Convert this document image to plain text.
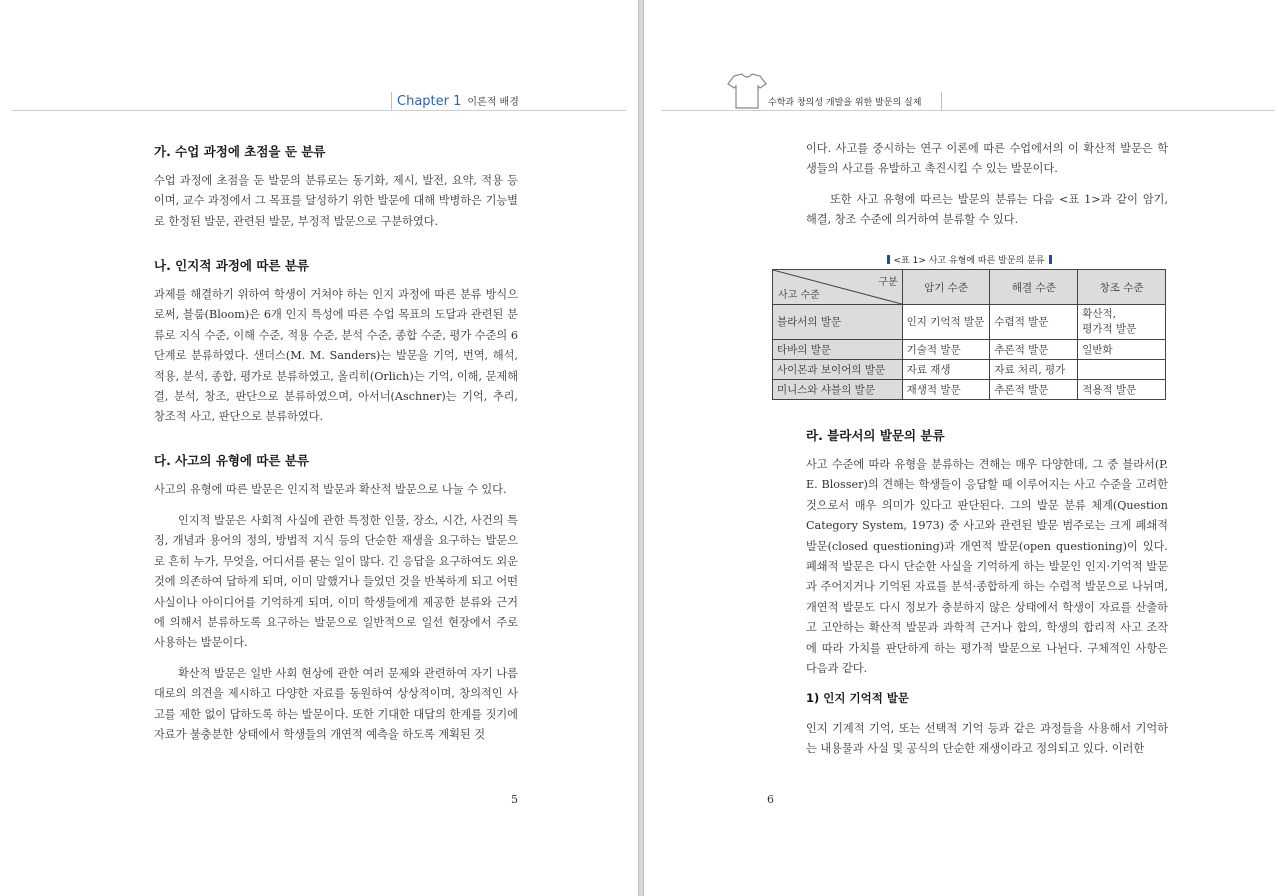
Chapter 1 이론적 배경
가. 수업 과정에 초점을 둔 분류

수업 과정에 초점을 둔 발문의 분류로는 동기화, 제시, 발전, 요약, 적용 등이며, 교수 과정에서 그 목표를 달성하기 위한 발문에 대해 박병하은 기능별로 한정된 발문, 관련된 발문, 부정적 발문으로 구분하였다.

나. 인지적 과정에 따른 분류

과제를 해결하기 위하여 학생이 거쳐야 하는 인지 과정에 따른 분류 방식으로써, 블룸(Bloom)은 6개 인지 특성에 따른 수업 목표의 도달과 관련된 분류로 지식 수준, 이해 수준, 적용 수준, 분석 수준, 종합 수준, 평가 수준의 6단계로 분류하였다. 샌더스(M. M. Sanders)는 발문을 기억, 번역, 해석, 적용, 분석, 종합, 평가로 분류하였고, 올리히(Orlich)는 기억, 이해, 문제해결, 분석, 창조, 판단으로 분류하였으며, 아서너(Aschner)는 기억, 추리, 창조적 사고, 판단으로 분류하였다.

다. 사고의 유형에 따른 분류

사고의 유형에 따른 발문은 인지적 발문과 확산적 발문으로 나눌 수 있다.

인지적 발문은 사회적 사실에 관한 특정한 인물, 장소, 시간, 사건의 특징, 개념과 용어의 정의, 방법적 지식 등의 단순한 재생을 요구하는 발문으로 흔히 누가, 무엇을, 어디서를 묻는 일이 많다. 긴 응답을 요구하여도 외운 것에 의존하여 답하게 되며, 이미 말했거나 들었던 것을 반복하게 되고 어떤 사실이나 아이디어를 기억하게 되며, 이미 학생들에게 제공한 분류와 근거에 의해서 분류하도록 요구하는 발문으로 일반적으로 일선 현장에서 주로 사용하는 발문이다.

확산적 발문은 일반 사회 현상에 관한 여러 문제와 관련하여 자기 나름대로의 의견을 제시하고 다양한 자료를 동원하여 상상적이며, 창의적인 사고를 제한 없이 답하도록 하는 발문이다. 또한 기대한 대답의 한계를 짓기에 자료가 불충분한 상태에서 학생들의 개연적 예측을 하도록 계획된 것

5
수학과 창의성 개발을 위한 발문의 실제

이다. 사고를 중시하는 연구 이론에 따른 수업에서의 이 확산적 발문은 학생들의 사고를 유발하고 촉진시킬 수 있는 발문이다.

또한 사고 유형에 따르는 발문의 분류는 다음 <표 1>과 같이 암기, 해결, 창조 수준에 의거하여 분류할 수 있다.

<표 1> 사고 유형에 따른 발문의 분류
구분
사고 수준	암기 수준	해결 수준	창조 수준
블라서의 발문	인지 기억적 발문	수렴적 발문	확산적,
평가적 발문
타바의 발문	기술적 발문	추론적 발문	일반화
사이몬과 보이어의 발문	자료 재생	자료 처리, 평가	
미니스와 샤블의 발문	재생적 발문	추론적 발문	적용적 발문
라. 블라서의 발문의 분류

사고 수준에 따라 유형을 분류하는 견해는 매우 다양한데, 그 중 블라서(P. E. Blosser)의 견해는 학생들이 응답할 때 이루어지는 사고 수준을 고려한 것으로서 매우 의미가 있다고 판단된다. 그의 발문 분류 체계(Question Category System, 1973) 중 사고와 관련된 발문 범주로는 크게 폐쇄적 발문(closed questioning)과 개연적 발문(open questioning)이 있다. 폐쇄적 발문은 다시 단순한 사실을 기억하게 하는 발문인 인지·기억적 발문과 주어지거나 기억된 자료를 분석·종합하게 하는 수렴적 발문으로 나뉘며, 개연적 발문도 다시 정보가 충분하지 않은 상태에서 학생이 자료를 산출하고 고안하는 확산적 발문과 과학적 근거나 합의, 학생의 합리적 사고 조작에 따라 가치를 판단하게 하는 평가적 발문으로 나뉜다. 구체적인 사항은 다음과 같다.

1) 인지 기억적 발문

인지 기계적 기억, 또는 선택적 기억 등과 같은 과정들을 사용해서 기억하는 내용물과 사실 및 공식의 단순한 재생이라고 정의되고 있다. 이러한

6
